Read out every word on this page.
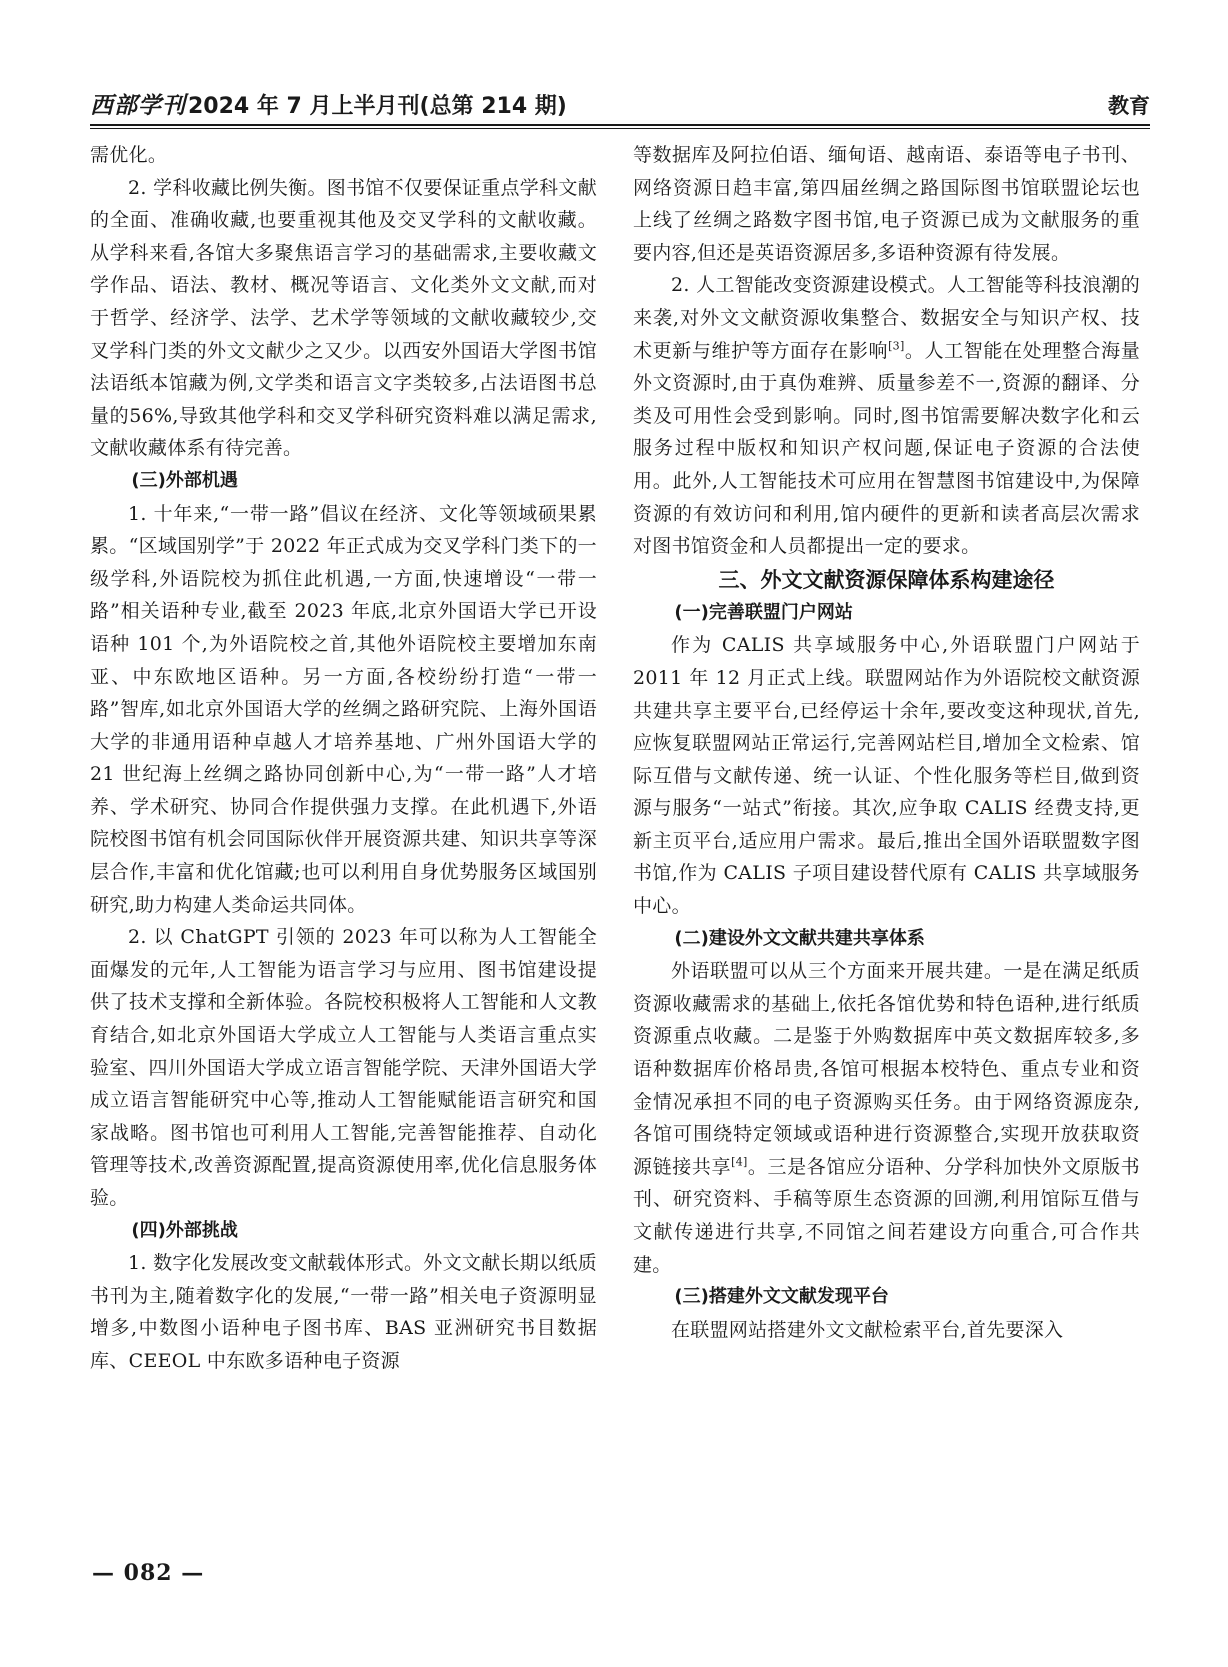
西部学刊 2024 年 7 月上半月刊(总第 214 期)	教育

需优化。

2. 学科收藏比例失衡。图书馆不仅要保证重点学科文献的全面、准确收藏,也要重视其他及交叉学科的文献收藏。从学科来看,各馆大多聚焦语言学习的基础需求,主要收藏文学作品、语法、教材、概况等语言、文化类外文文献,而对于哲学、经济学、法学、艺术学等领域的文献收藏较少,交叉学科门类的外文文献少之又少。以西安外国语大学图书馆法语纸本馆藏为例,文学类和语言文字类较多,占法语图书总量的56%,导致其他学科和交叉学科研究资料难以满足需求,文献收藏体系有待完善。

(三)外部机遇

1. 十年来,“一带一路”倡议在经济、文化等领域硕果累累。“区域国别学”于 2022 年正式成为交叉学科门类下的一级学科,外语院校为抓住此机遇,一方面,快速增设“一带一路”相关语种专业,截至 2023 年底,北京外国语大学已开设语种 101 个,为外语院校之首,其他外语院校主要增加东南亚、中东欧地区语种。另一方面,各校纷纷打造“一带一路”智库,如北京外国语大学的丝绸之路研究院、上海外国语大学的非通用语种卓越人才培养基地、广州外国语大学的 21 世纪海上丝绸之路协同创新中心,为“一带一路”人才培养、学术研究、协同合作提供强力支撑。在此机遇下,外语院校图书馆有机会同国际伙伴开展资源共建、知识共享等深层合作,丰富和优化馆藏;也可以利用自身优势服务区域国别研究,助力构建人类命运共同体。

2. 以 ChatGPT 引领的 2023 年可以称为人工智能全面爆发的元年,人工智能为语言学习与应用、图书馆建设提供了技术支撑和全新体验。各院校积极将人工智能和人文教育结合,如北京外国语大学成立人工智能与人类语言重点实验室、四川外国语大学成立语言智能学院、天津外国语大学成立语言智能研究中心等,推动人工智能赋能语言研究和国家战略。图书馆也可利用人工智能,完善智能推荐、自动化管理等技术,改善资源配置,提高资源使用率,优化信息服务体验。

(四)外部挑战

1. 数字化发展改变文献载体形式。外文文献长期以纸质书刊为主,随着数字化的发展,“一带一路”相关电子资源明显增多,中数图小语种电子图书库、BAS 亚洲研究书目数据库、CEEOL 中东欧多语种电子资源

等数据库及阿拉伯语、缅甸语、越南语、泰语等电子书刊、网络资源日趋丰富,第四届丝绸之路国际图书馆联盟论坛也上线了丝绸之路数字图书馆,电子资源已成为文献服务的重要内容,但还是英语资源居多,多语种资源有待发展。

2. 人工智能改变资源建设模式。人工智能等科技浪潮的来袭,对外文文献资源收集整合、数据安全与知识产权、技术更新与维护等方面存在影响[3]。人工智能在处理整合海量外文资源时,由于真伪难辨、质量参差不一,资源的翻译、分类及可用性会受到影响。同时,图书馆需要解决数字化和云服务过程中版权和知识产权问题,保证电子资源的合法使用。此外,人工智能技术可应用在智慧图书馆建设中,为保障资源的有效访问和利用,馆内硬件的更新和读者高层次需求对图书馆资金和人员都提出一定的要求。

三、外文文献资源保障体系构建途径
(一)完善联盟门户网站

作为 CALIS 共享域服务中心,外语联盟门户网站于 2011 年 12 月正式上线。联盟网站作为外语院校文献资源共建共享主要平台,已经停运十余年,要改变这种现状,首先,应恢复联盟网站正常运行,完善网站栏目,增加全文检索、馆际互借与文献传递、统一认证、个性化服务等栏目,做到资源与服务“一站式”衔接。其次,应争取 CALIS 经费支持,更新主页平台,适应用户需求。最后,推出全国外语联盟数字图书馆,作为 CALIS 子项目建设替代原有 CALIS 共享域服务中心。

(二)建设外文文献共建共享体系

外语联盟可以从三个方面来开展共建。一是在满足纸质资源收藏需求的基础上,依托各馆优势和特色语种,进行纸质资源重点收藏。二是鉴于外购数据库中英文数据库较多,多语种数据库价格昂贵,各馆可根据本校特色、重点专业和资金情况承担不同的电子资源购买任务。由于网络资源庞杂,各馆可围绕特定领域或语种进行资源整合,实现开放获取资源链接共享[4]。三是各馆应分语种、分学科加快外文原版书刊、研究资料、手稿等原生态资源的回溯,利用馆际互借与文献传递进行共享,不同馆之间若建设方向重合,可合作共建。

(三)搭建外文文献发现平台

在联盟网站搭建外文文献检索平台,首先要深入

— 082 —
